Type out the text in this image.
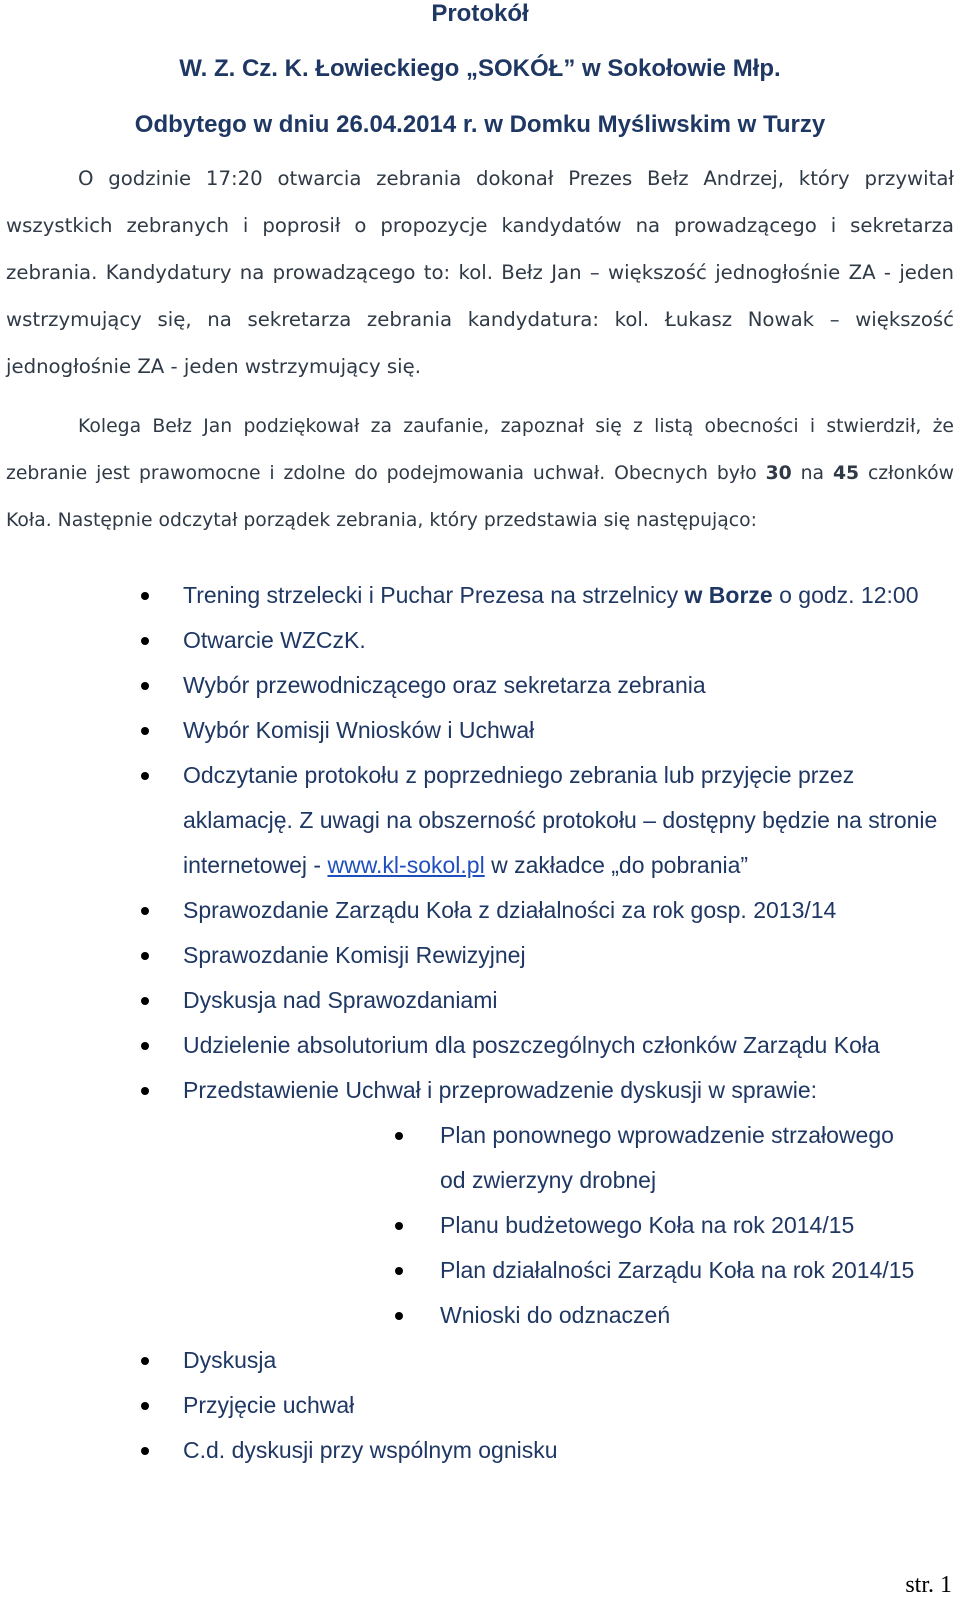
Protokół
W. Z. Cz. K. Łowieckiego „SOKÓŁ” w Sokołowie Młp.
Odbytego w dniu 26.04.2014 r. w Domku Myśliwskim w Turzy
O godzinie 17:20 otwarcia zebrania dokonał Prezes Bełz Andrzej, który przywitał wszystkich zebranych i poprosił o propozycje kandydatów na prowadzącego i sekretarza zebrania. Kandydatury na prowadzącego to: kol. Bełz Jan – większość jednogłośnie ZA - jeden wstrzymujący się, na sekretarza zebrania kandydatura: kol. Łukasz Nowak – większość jednogłośnie ZA - jeden wstrzymujący się.
Kolega Bełz Jan podziękował za zaufanie, zapoznał się z listą obecności i stwierdził, że zebranie jest prawomocne i zdolne do podejmowania uchwał. Obecnych było 30 na 45 członków Koła. Następnie odczytał porządek zebrania, który przedstawia się następująco:
Trening strzelecki i Puchar Prezesa na strzelnicy w Borze o godz. 12:00
Otwarcie WZCzK.
Wybór przewodniczącego oraz sekretarza zebrania
Wybór Komisji Wniosków i Uchwał
Odczytanie protokołu z poprzedniego zebrania lub przyjęcie przez aklamację. Z uwagi na obszerność protokołu – dostępny będzie na stronie internetowej - www.kl-sokol.pl w zakładce „do pobrania”
Sprawozdanie Zarządu Koła z działalności za rok gosp. 2013/14
Sprawozdanie Komisji Rewizyjnej
Dyskusja nad Sprawozdaniami
Udzielenie absolutorium dla poszczególnych członków Zarządu Koła
Przedstawienie Uchwał i przeprowadzenie dyskusji w sprawie:
Plan ponownego wprowadzenie strzałowego od zwierzyny drobnej
Planu budżetowego Koła na rok 2014/15
Plan działalności Zarządu Koła na rok 2014/15
Wnioski do odznaczeń
Dyskusja
Przyjęcie uchwał
C.d. dyskusji przy wspólnym ognisku
str. 1
